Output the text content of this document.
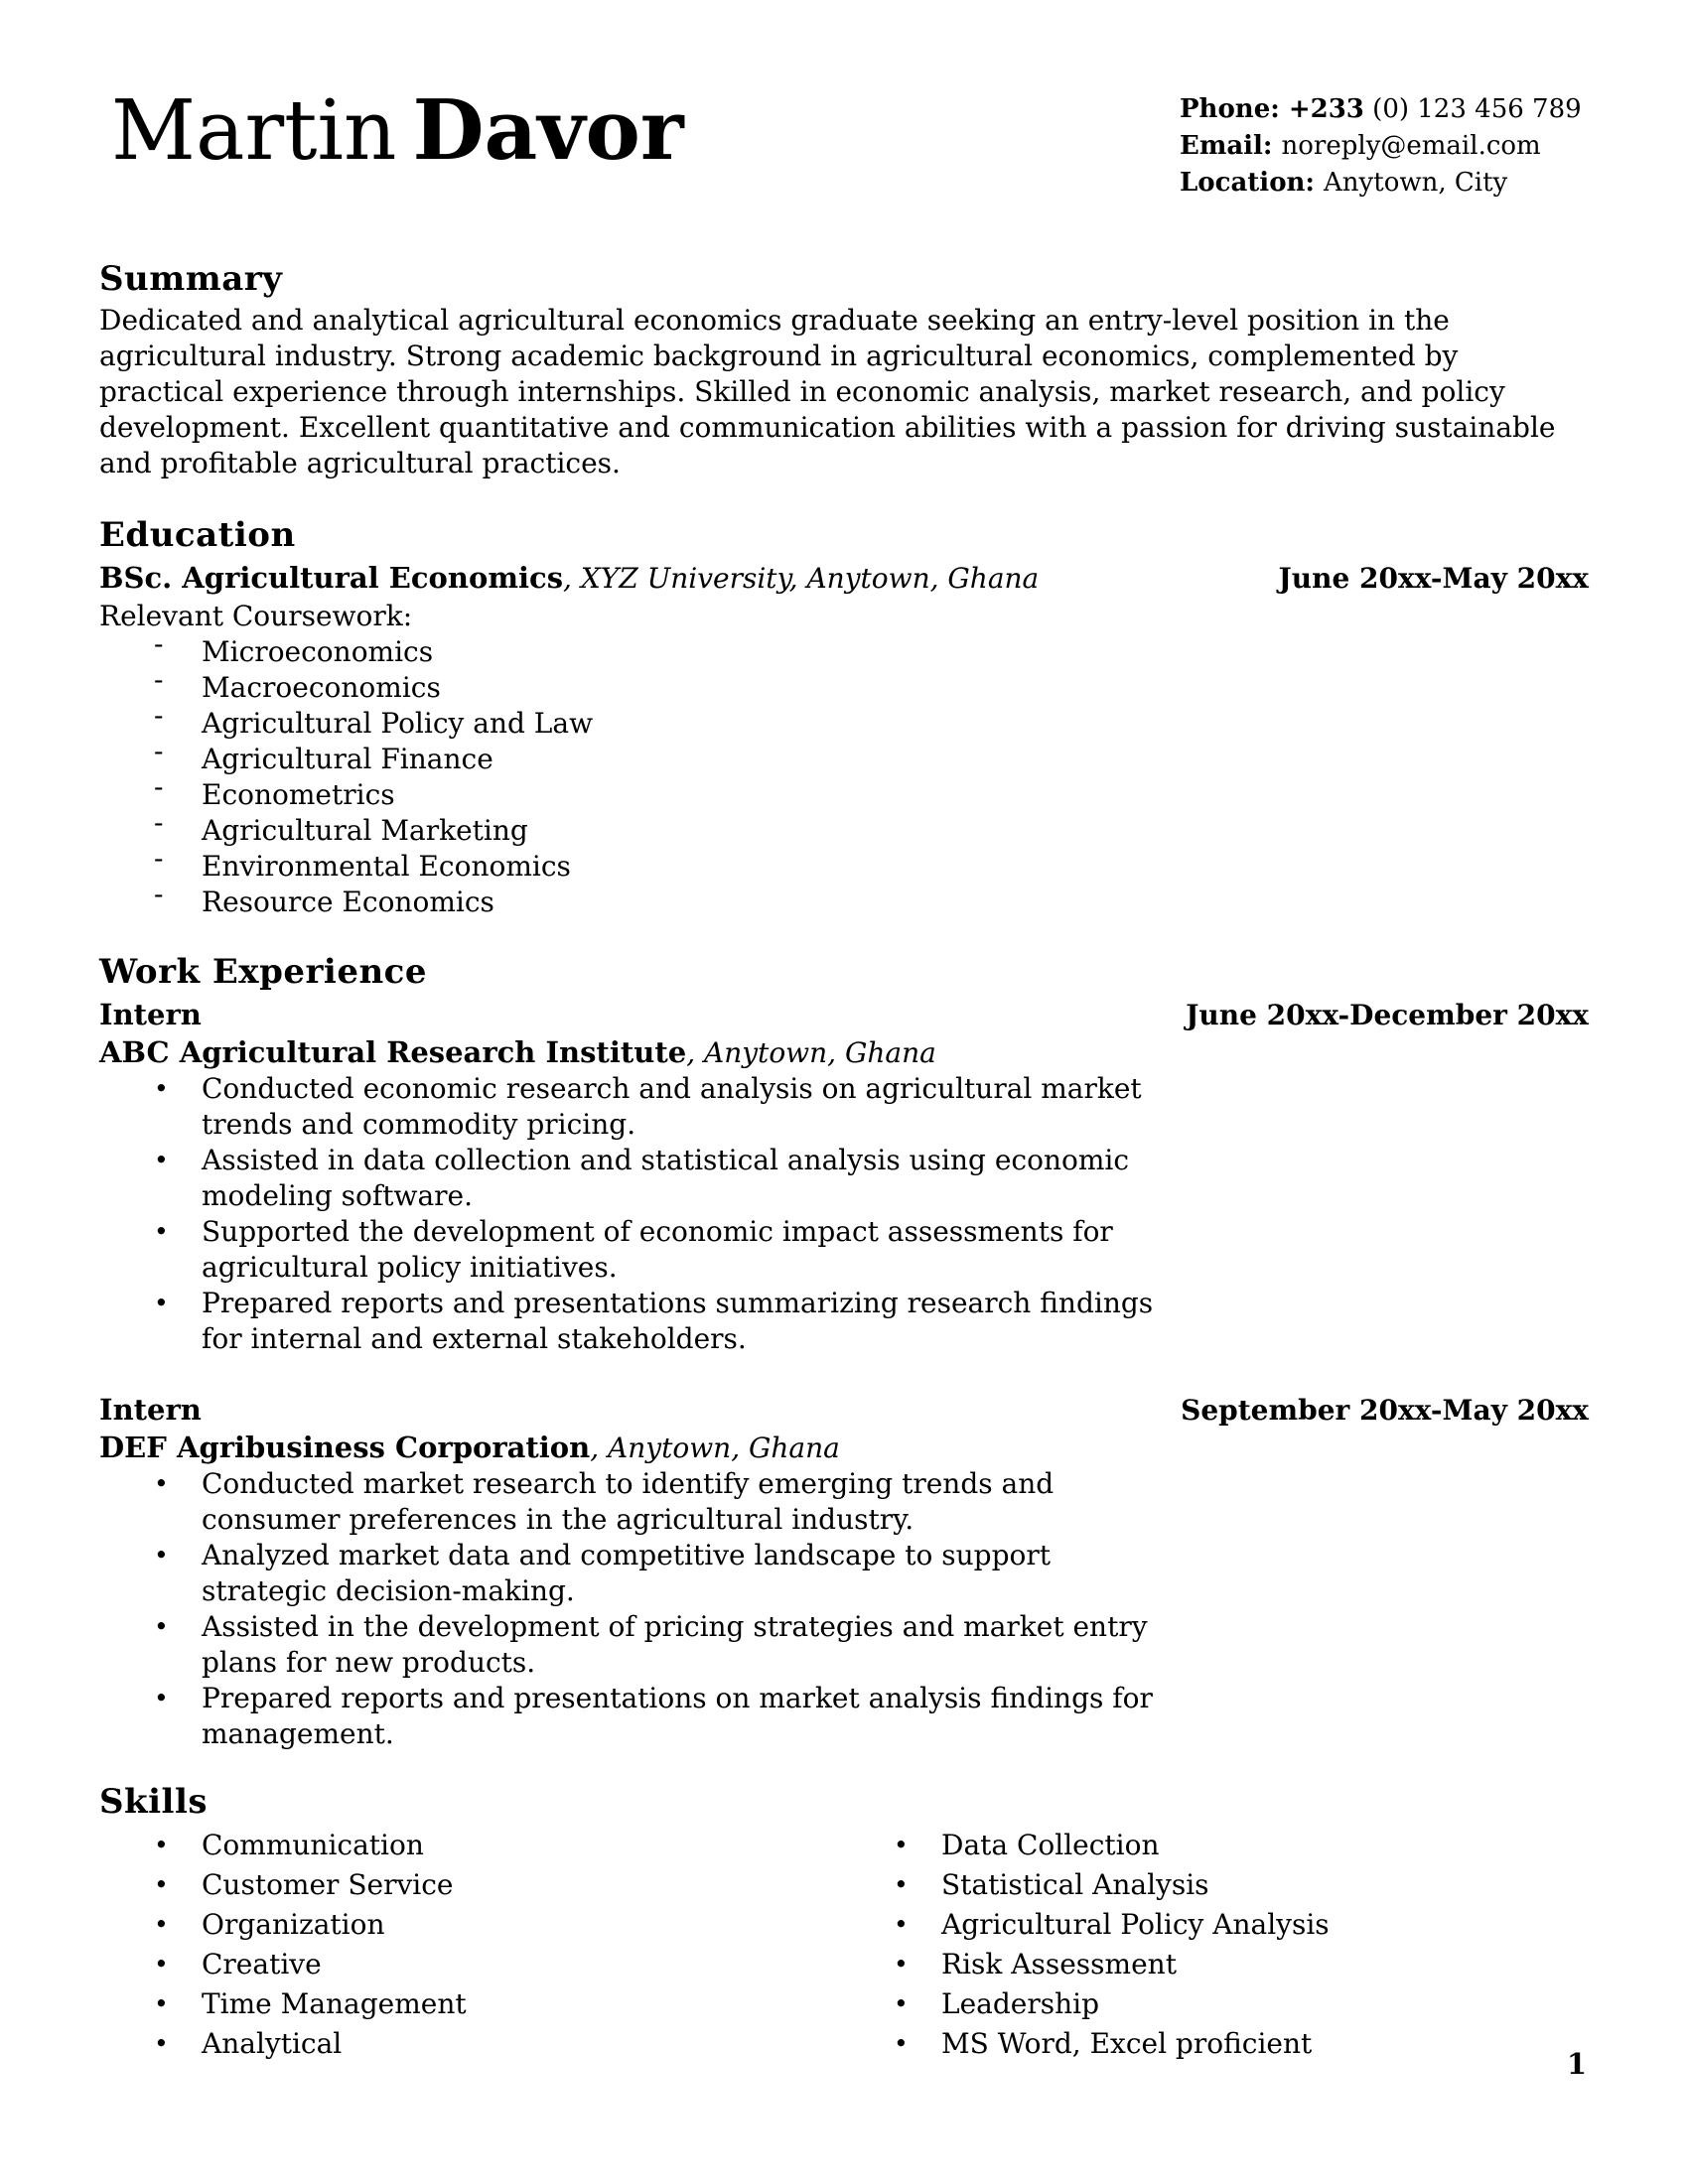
Martin Davor	Phone: +233 (0) 123 456 789
Email: noreply@email.com
Location: Anytown, City
Summary

Dedicated and analytical agricultural economics graduate seeking an entry-level position in the agricultural industry. Strong academic background in agricultural economics, complemented by practical experience through internships. Skilled in economic analysis, market research, and policy development. Excellent quantitative and communication abilities with a passion for driving sustainable and profitable agricultural practices.

Education
BSc. Agricultural Economics, XYZ University, Anytown, Ghana	June 20xx-May 20xx

Relevant Coursework:

- Microeconomics
- Macroeconomics
- Agricultural Policy and Law
- Agricultural Finance
- Econometrics
- Agricultural Marketing
- Environmental Economics
- Resource Economics
Work Experience
Intern	June 20xx-December 20xx
ABC Agricultural Research Institute, Anytown, Ghana
• Conducted economic research and analysis on agricultural market trends and commodity pricing.
• Assisted in data collection and statistical analysis using economic modeling software.
• Supported the development of economic impact assessments for agricultural policy initiatives.
• Prepared reports and presentations summarizing research findings for internal and external stakeholders.
Intern	September 20xx-May 20xx
DEF Agribusiness Corporation, Anytown, Ghana
• Conducted market research to identify emerging trends and consumer preferences in the agricultural industry.
• Analyzed market data and competitive landscape to support strategic decision-making.
• Assisted in the development of pricing strategies and market entry plans for new products.
• Prepared reports and presentations on market analysis findings for management.
Skills
• Communication
• Customer Service
• Organization
• Creative
• Time Management
• Analytical
• Data Collection
• Statistical Analysis
• Agricultural Policy Analysis
• Risk Assessment
• Leadership
• MS Word, Excel proficient
1
